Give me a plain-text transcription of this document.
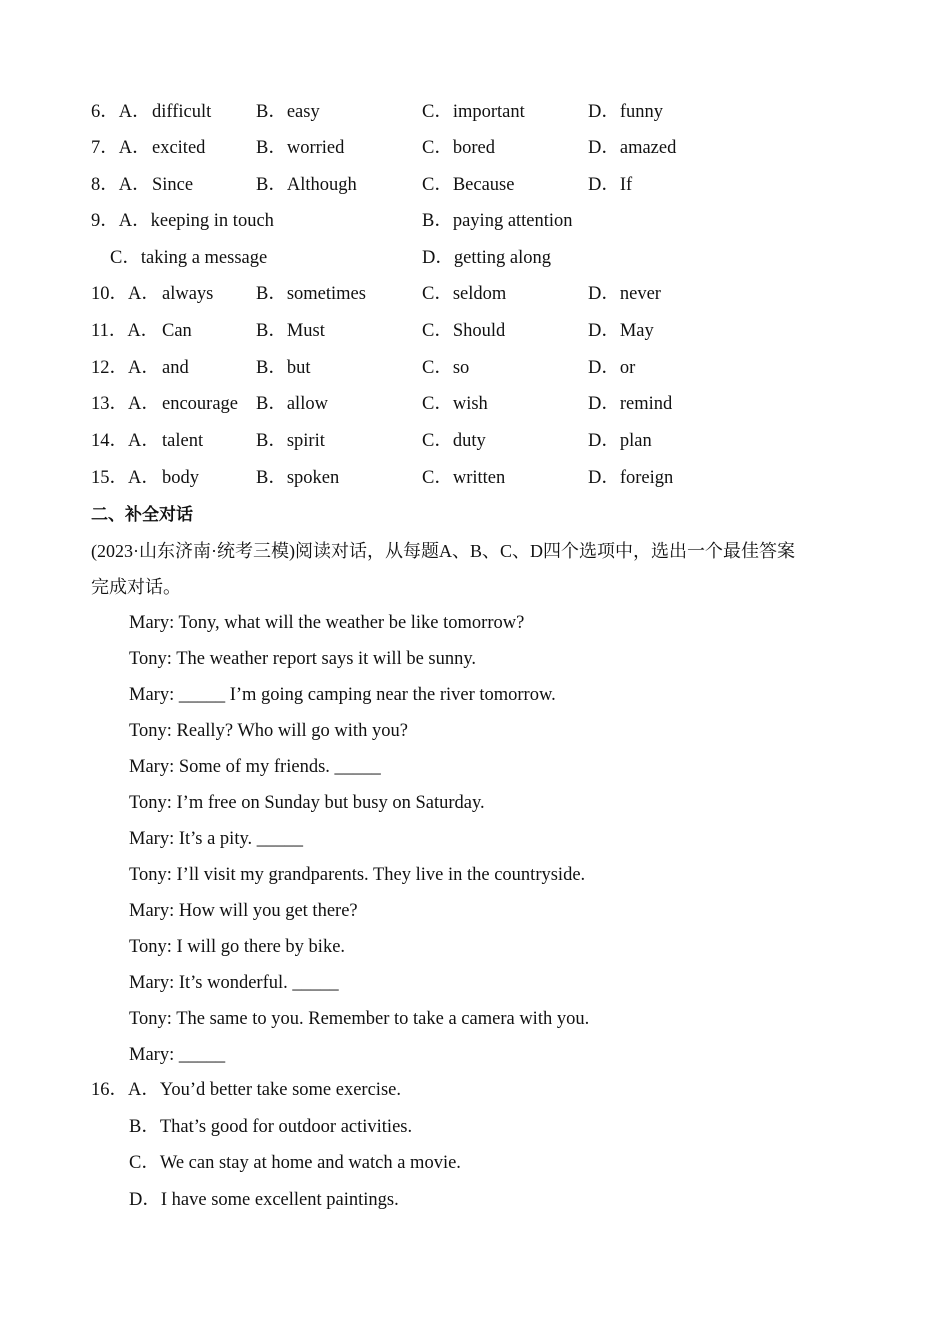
6．A． difficult B．easy	C．important	D．funny
7．A． excited	B．worried	C．bored	D．amazed
8．A． Since	B．Although	C．Because	D．If
9．A．keeping in touch	B．paying attention
C．taking a message	D．getting along
10．A． always B．sometimes	C．seldom	D．never
11．A． Can	B．Must	C．Should	D．May
12．A． and	B．but	C．so	D．or
13．A． encourage B．allow	C．wish	D．remind
14．A． talent	B．spirit	C．duty	D．plan
15．A． body	B．spoken	C．written	D．foreign
二、补全对话
(2023·山东济南·统考三模)阅读对话，从每题A、B、C、D四个选项中，选出一个最佳答案
完成对话。
Mary: Tony, what will the weather be like tomorrow?
Tony: The weather report says it will be sunny.
Mary: _____ I’m going camping near the river tomorrow.
Tony: Really? Who will go with you?
Mary: Some of my friends. _____
Tony: I’m free on Sunday but busy on Saturday.
Mary: It’s a pity. _____
Tony: I’ll visit my grandparents. They live in the countryside.
Mary: How will you get there?
Tony: I will go there by bike.
Mary: It’s wonderful. _____
Tony: The same to you. Remember to take a camera with you.
Mary: _____
16．A．You’d better take some exercise.
B．That’s good for outdoor activities.
C．We can stay at home and watch a movie.
D．I have some excellent paintings.
